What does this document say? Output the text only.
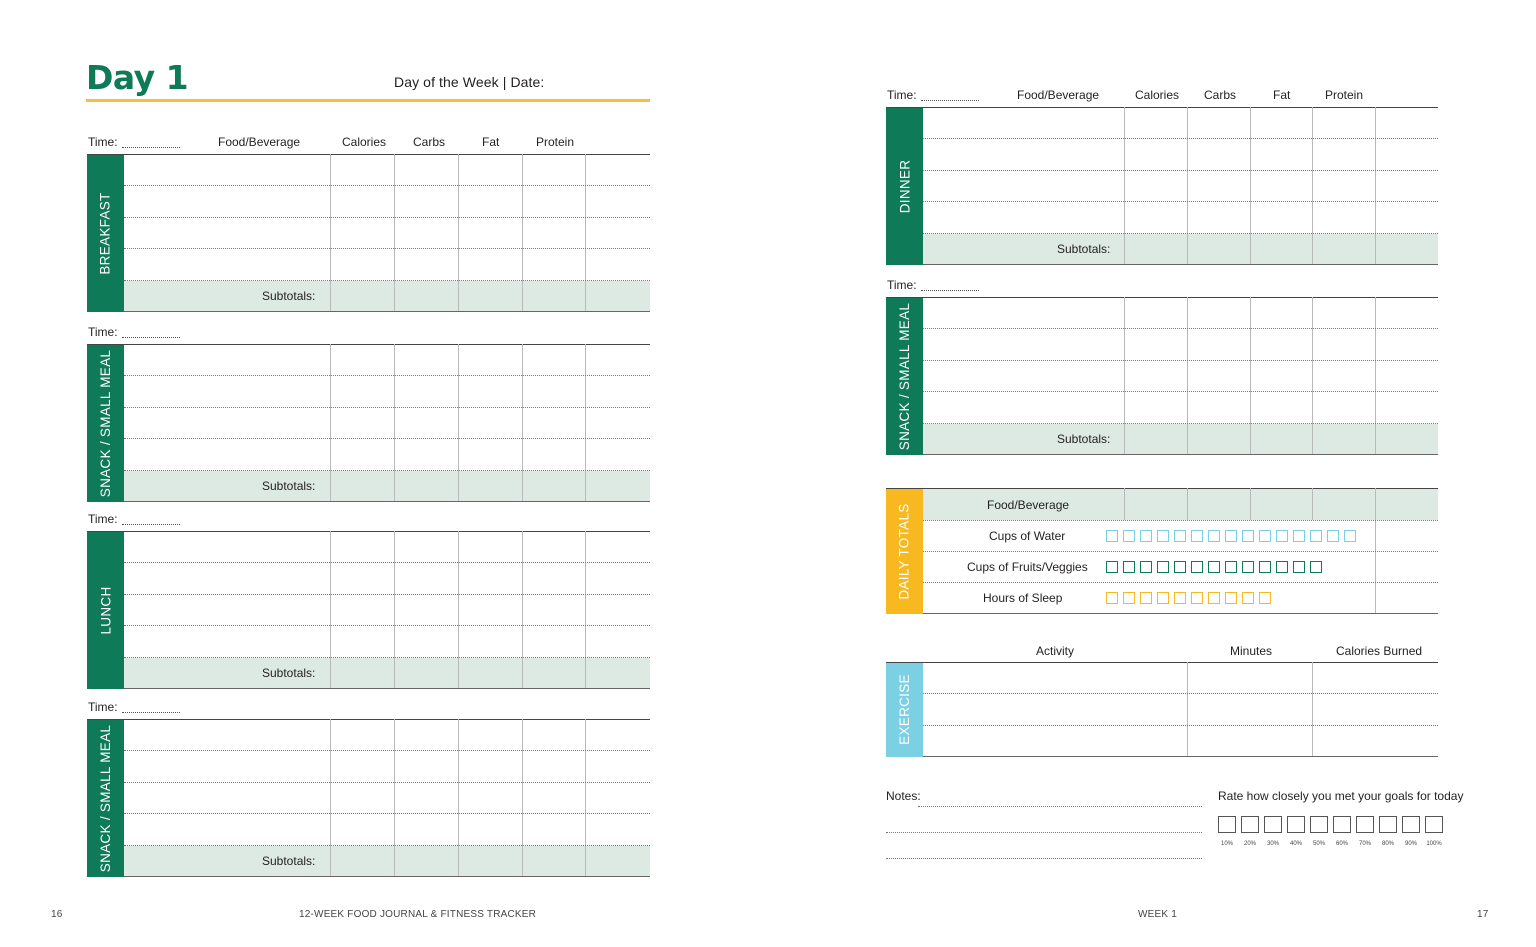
Day 1	Day of the Week | Date:
Time:	Food/Beverage	Calories Carbs	Fat	Protein
BREAKFAST
Subtotals:
Time:
SNACK / SMALL MEAL	Subtotals:
Time:
LUNCH
Subtotals:
Time:
SNACK / SMALL MEAL	Subtotals:
Time:	Food/Beverage	Calories Carbs	Fat	Protein
DINNER
Subtotals:
Time:
SNACK / SMALL MEAL	Subtotals:
DAILY TOTALS	Food/Beverage
Cups of Water
Cups of Fruits/Veggies
Hours of Sleep
Activity	Minutes	Calories Burned
EXERCISE
Notes:	Rate how closely you met your goals for today
10%	20%	30%	40%	50%	60%	70%	80%	90%	100%
16	12-WEEK FOOD JOURNAL & FITNESS TRACKER	WEEK 1	17
